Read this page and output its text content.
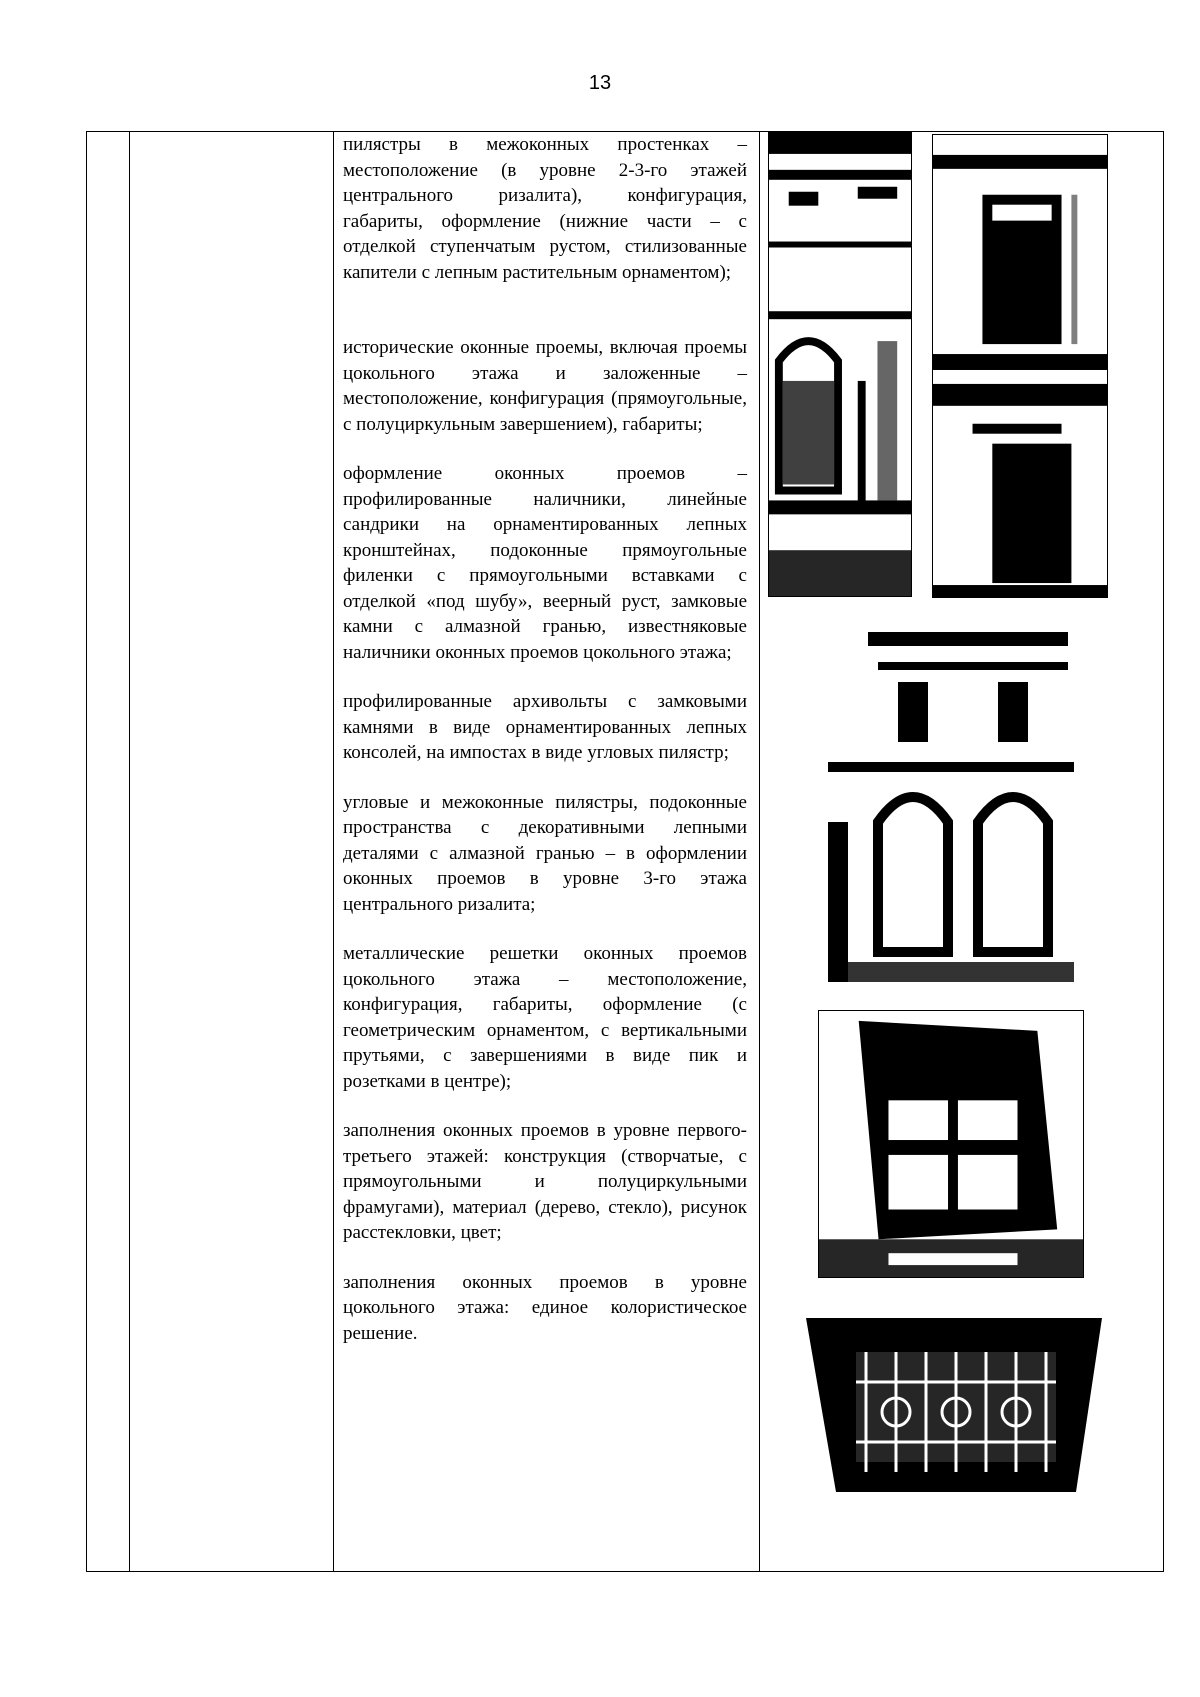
13

пилястры в межоконных простенках – местоположение (в уровне 2-3-го этажей центрального ризалита), конфигурация, габариты, оформление (нижние части – с отделкой ступенчатым рустом, стилизованные капители с лепным растительным орнаментом);

исторические оконные проемы, включая проемы цокольного этажа и заложенные – местоположение, конфигурация (прямоугольные, с полуциркульным завершением), габариты;

оформление оконных проемов – профилированные наличники, линейные сандрики на орнаментированных лепных кронштейнах, подоконные прямоугольные филенки с прямоугольными вставками с отделкой «под шубу», веерный руст, замковые камни с алмазной гранью, известняковые наличники оконных проемов цокольного этажа;

профилированные архивольты с замковыми камнями в виде орнаментированных лепных консолей, на импостах в виде угловых пилястр;

угловые и межоконные пилястры, подоконные пространства с декоративными лепными деталями с алмазной гранью – в оформлении оконных проемов в уровне 3-го этажа центрального ризалита;

металлические решетки оконных проемов цокольного этажа – местоположение, конфигурация, габариты, оформление (с геометрическим орнаментом, с вертикальными прутьями, с завершениями в виде пик и розетками в центре);

заполнения оконных проемов в уровне первого-третьего этажей: конструкция (створчатые, с прямоугольными и полуциркульными фрамугами), материал (дерево, стекло), рисунок расстекловки, цвет;

заполнения оконных проемов в уровне цокольного этажа: единое колористическое решение.
